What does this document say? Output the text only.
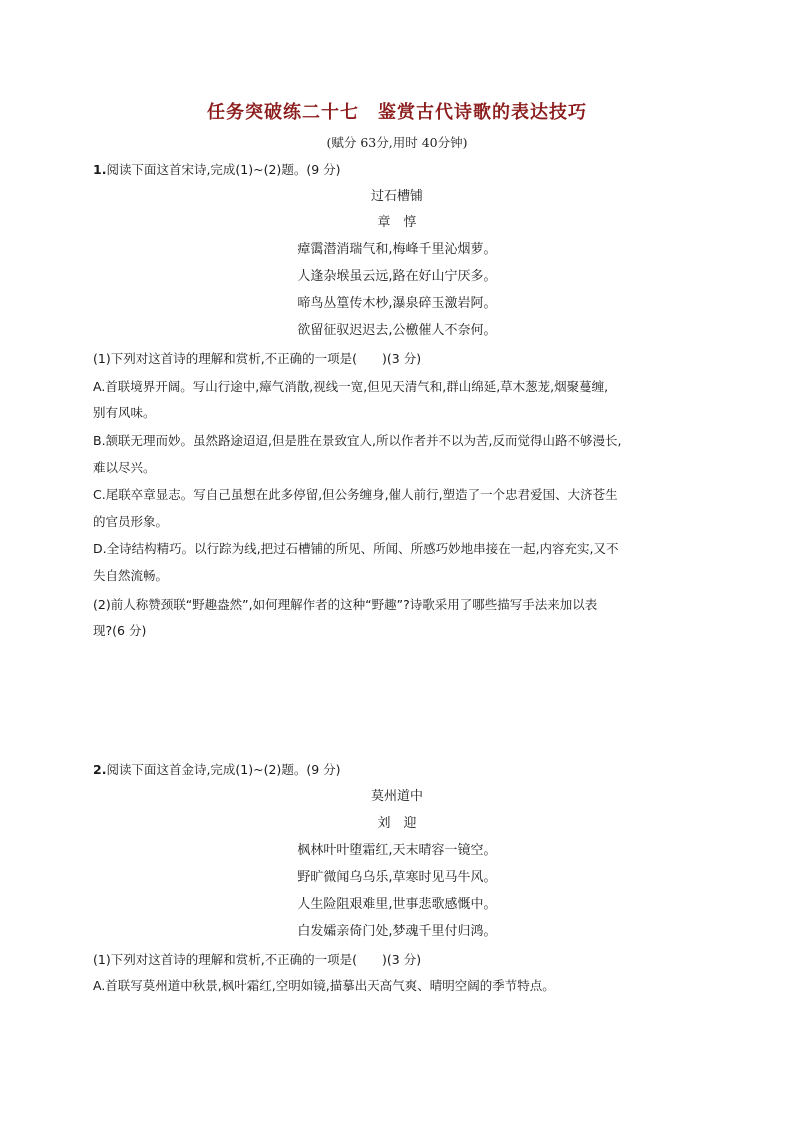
任务突破练二十七　鉴赏古代诗歌的表达技巧
(赋分 63分,用时 40分钟)
1.阅读下面这首宋诗,完成(1)~(2)题。(9 分)
过石槽铺
章　惇
瘴霭潜消瑞气和,梅峰千里沁烟萝。
人逢杂堠虽云远,路在好山宁厌多。
啼鸟丛篁传木杪,瀑泉碎玉激岩阿。
欲留征驭迟迟去,公檄催人不奈何。
(1)下列对这首诗的理解和赏析,不正确的一项是(　　)(3 分)
A.首联境界开阔。写山行途中,瘴气消散,视线一宽,但见天清气和,群山绵延,草木葱茏,烟聚蔓缠,
别有风味。
B.颔联无理而妙。虽然路途迢迢,但是胜在景致宜人,所以作者并不以为苦,反而觉得山路不够漫长,
难以尽兴。
C.尾联卒章显志。写自己虽想在此多停留,但公务缠身,催人前行,塑造了一个忠君爱国、大济苍生
的官员形象。
D.全诗结构精巧。以行踪为线,把过石槽铺的所见、所闻、所感巧妙地串接在一起,内容充实,又不
失自然流畅。
(2)前人称赞颈联“野趣盎然”,如何理解作者的这种“野趣”?诗歌采用了哪些描写手法来加以表
现?(6 分)
2.阅读下面这首金诗,完成(1)~(2)题。(9 分)
莫州道中
刘　迎
枫林叶叶堕霜红,天末晴容一镜空。
野旷微闻乌乌乐,草寒时见马牛风。
人生险阻艰难里,世事悲歌感慨中。
白发孀亲倚门处,梦魂千里付归鸿。
(1)下列对这首诗的理解和赏析,不正确的一项是(　　)(3 分)
A.首联写莫州道中秋景,枫叶霜红,空明如镜,描摹出天高气爽、晴明空阔的季节特点。
